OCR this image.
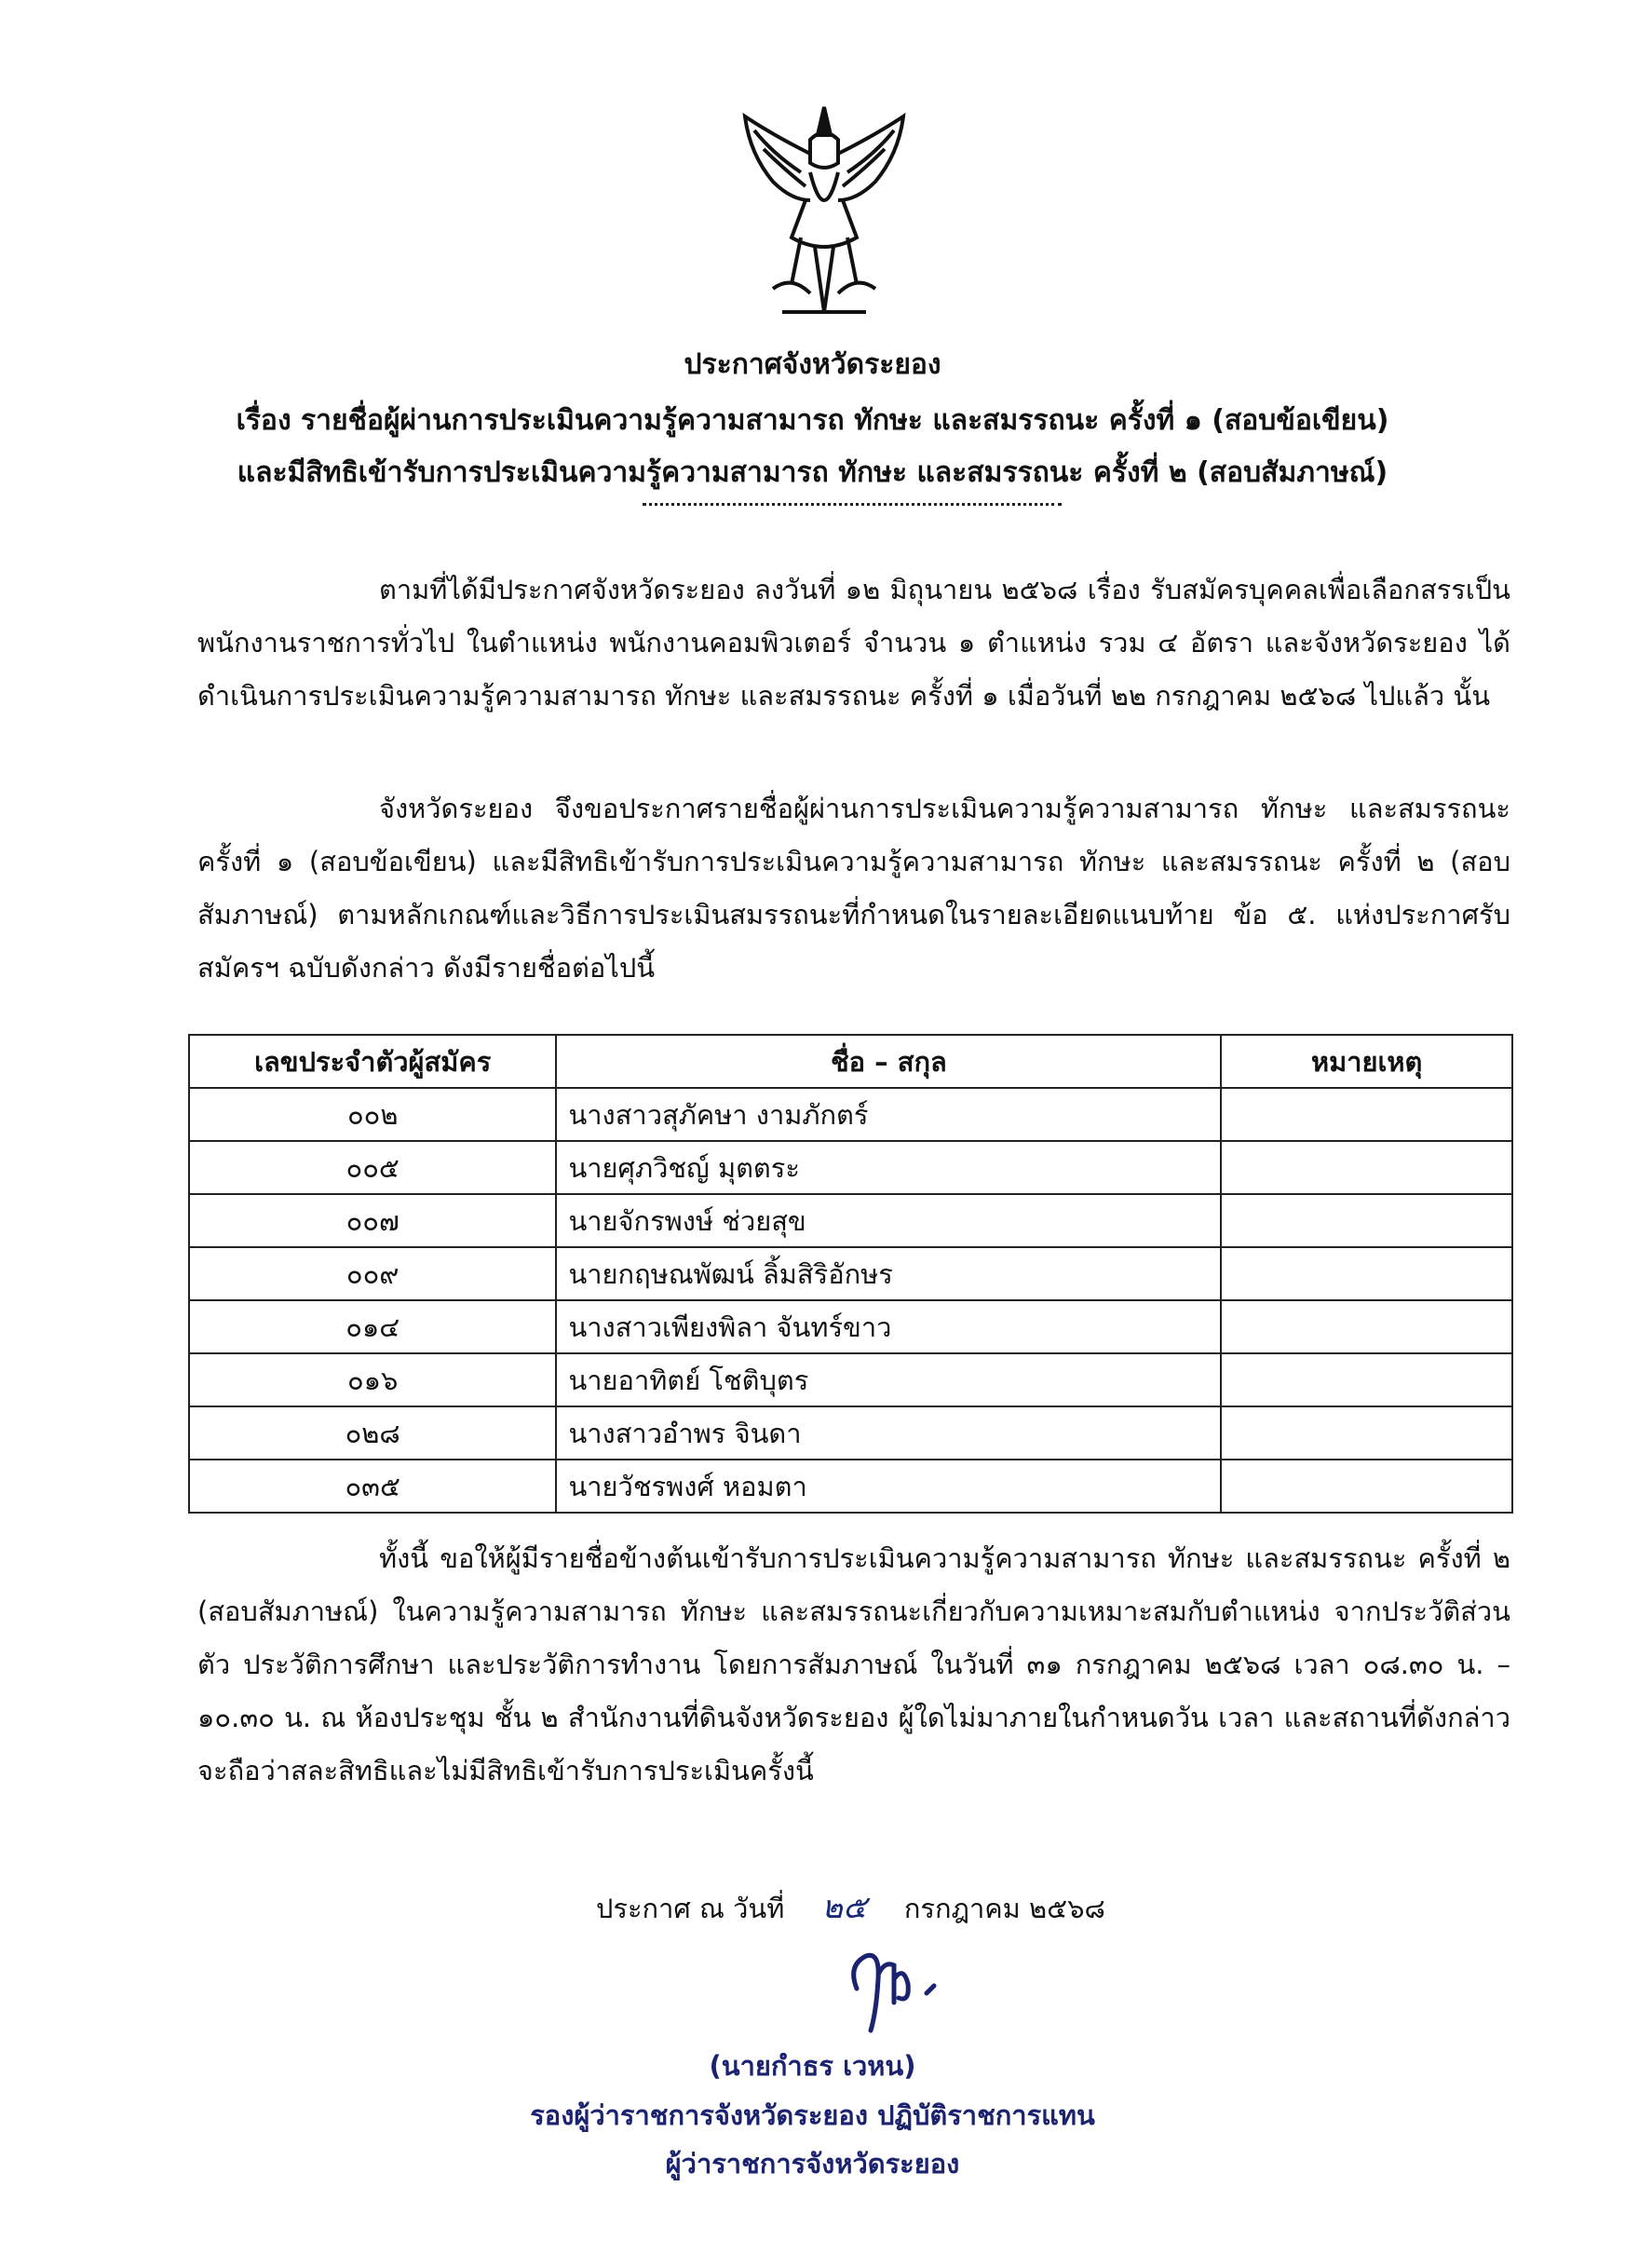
ประกาศจังหวัดระยอง
เรื่อง รายชื่อผู้ผ่านการประเมินความรู้ความสามารถ ทักษะ และสมรรถนะ ครั้งที่ ๑ (สอบข้อเขียน)
และมีสิทธิเข้ารับการประเมินความรู้ความสามารถ ทักษะ และสมรรถนะ ครั้งที่ ๒ (สอบสัมภาษณ์)

ตามที่ได้มีประกาศจังหวัดระยอง ลงวันที่ ๑๒ มิถุนายน ๒๕๖๘ เรื่อง รับสมัครบุคคลเพื่อเลือกสรรเป็นพนักงานราชการทั่วไป ในตำแหน่ง พนักงานคอมพิวเตอร์ จำนวน ๑ ตำแหน่ง รวม ๔ อัตรา และจังหวัดระยอง ได้ดำเนินการประเมินความรู้ความสามารถ ทักษะ และสมรรถนะ ครั้งที่ ๑ เมื่อวันที่ ๒๒ กรกฎาคม ๒๕๖๘ ไปแล้ว นั้น

จังหวัดระยอง จึงขอประกาศรายชื่อผู้ผ่านการประเมินความรู้ความสามารถ ทักษะ และสมรรถนะ ครั้งที่ ๑ (สอบข้อเขียน) และมีสิทธิเข้ารับการประเมินความรู้ความสามารถ ทักษะ และสมรรถนะ ครั้งที่ ๒ (สอบสัมภาษณ์) ตามหลักเกณฑ์และวิธีการประเมินสมรรถนะที่กำหนดในรายละเอียดแนบท้าย ข้อ ๕. แห่งประกาศรับสมัครฯ ฉบับดังกล่าว ดังมีรายชื่อต่อไปนี้

เลขประจำตัวผู้สมัคร	ชื่อ – สกุล	หมายเหตุ
๐๐๒	นางสาวสุภัคษา งามภักตร์	
๐๐๕	นายศุภวิชญ์ มุตตระ	
๐๐๗	นายจักรพงษ์ ช่วยสุข	
๐๐๙	นายกฤษณพัฒน์ ลิ้มสิริอักษร	
๐๑๔	นางสาวเพียงพิลา จันทร์ขาว	
๐๑๖	นายอาทิตย์ โชติบุตร	
๐๒๘	นางสาวอำพร จินดา	
๐๓๕	นายวัชรพงศ์ หอมตา	

ทั้งนี้ ขอให้ผู้มีรายชื่อข้างต้นเข้ารับการประเมินความรู้ความสามารถ ทักษะ และสมรรถนะ ครั้งที่ ๒ (สอบสัมภาษณ์) ในความรู้ความสามารถ ทักษะ และสมรรถนะเกี่ยวกับความเหมาะสมกับตำแหน่ง จากประวัติส่วนตัว ประวัติการศึกษา และประวัติการทำงาน โดยการสัมภาษณ์ ในวันที่ ๓๑ กรกฎาคม ๒๕๖๘ เวลา ๐๘.๓๐ น. – ๑๐.๓๐ น. ณ ห้องประชุม ชั้น ๒ สำนักงานที่ดินจังหวัดระยอง ผู้ใดไม่มาภายในกำหนดวัน เวลา และสถานที่ดังกล่าว จะถือว่าสละสิทธิและไม่มีสิทธิเข้ารับการประเมินครั้งนี้

ประกาศ ณ วันที่ ๒๕ กรกฎาคม ๒๕๖๘
(นายกำธร เวหน)
รองผู้ว่าราชการจังหวัดระยอง ปฏิบัติราชการแทน
ผู้ว่าราชการจังหวัดระยอง
